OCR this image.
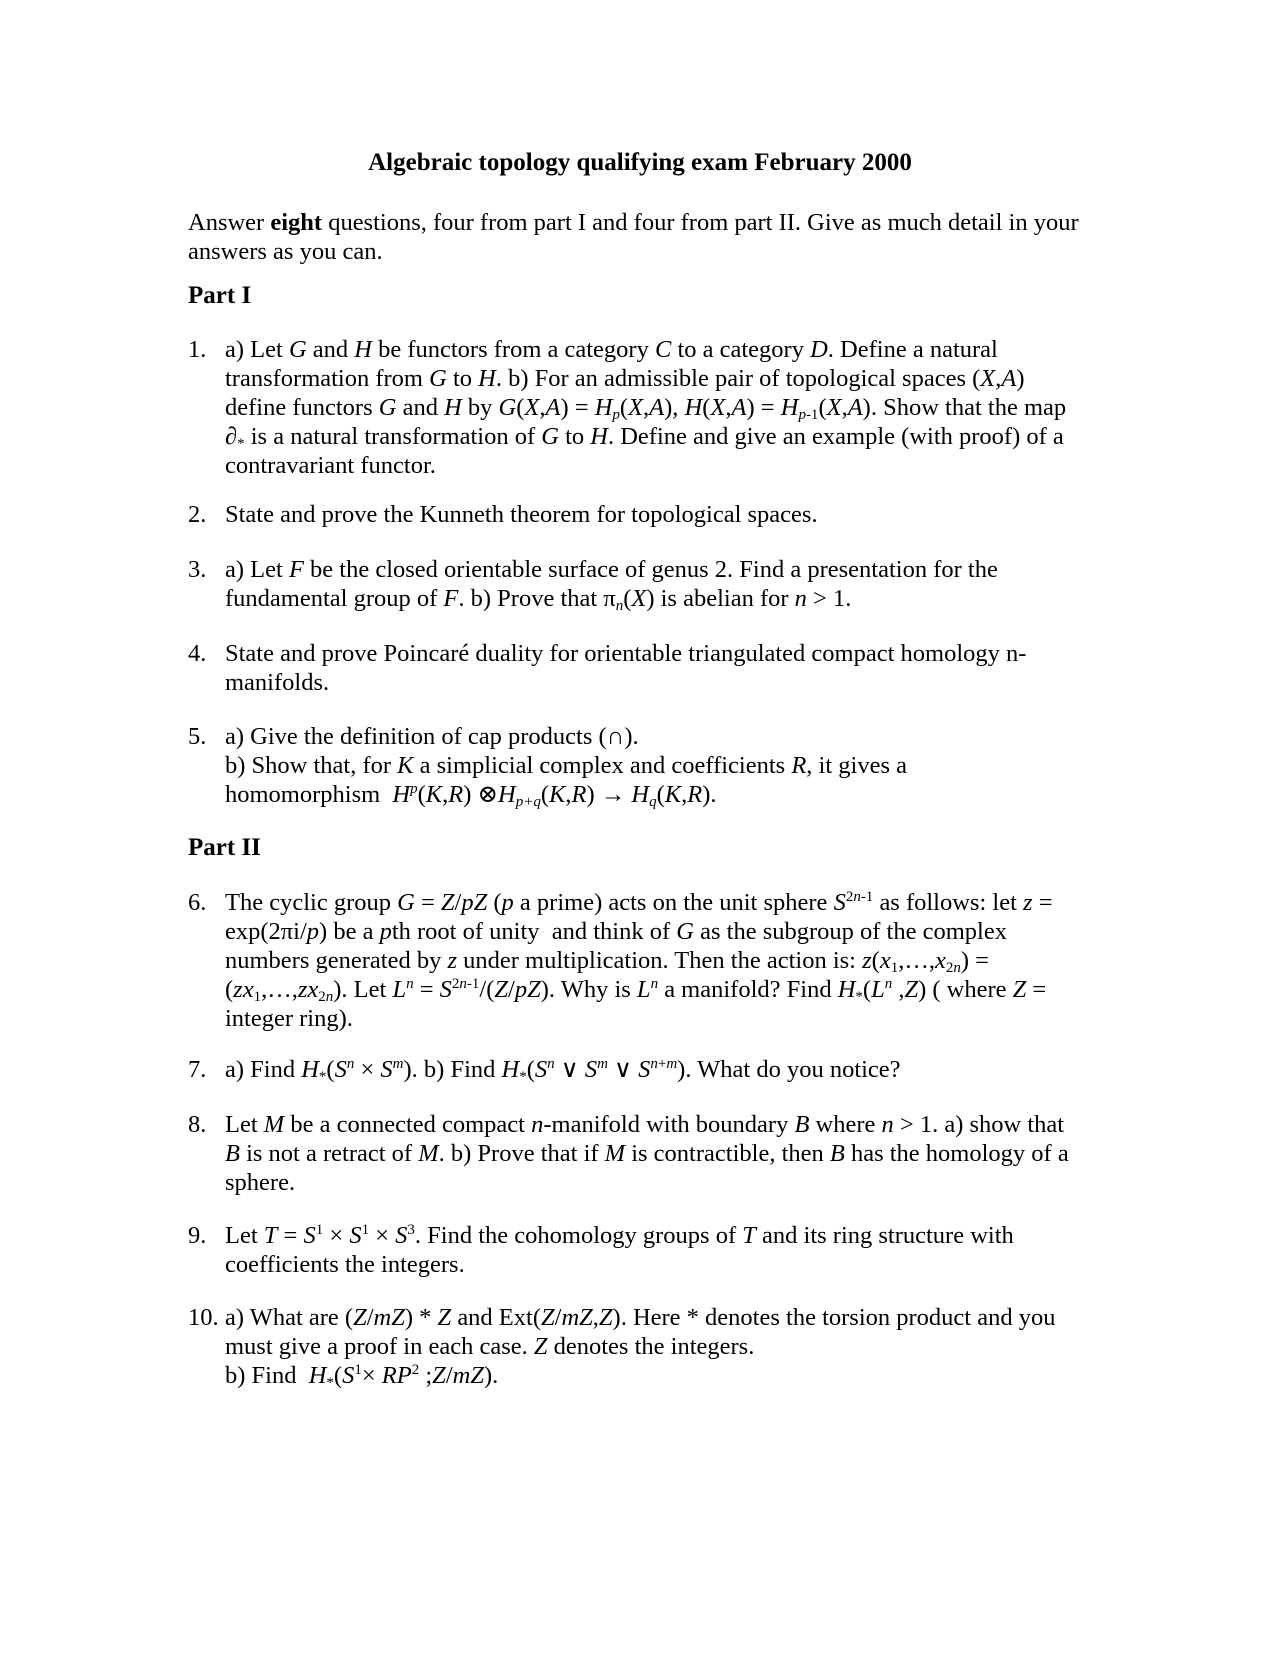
Algebraic topology qualifying exam February 2000
Answer eight questions, four from part I and four from part II. Give as much detail in your answers as you can.
Part I
1. a) Let G and H be functors from a category C to a category D. Define a natural
transformation from G to H. b) For an admissible pair of topological spaces (X,A)
define functors G and H by $G(X,A) = H_p(X,A)$, $H(X,A) = H_{p-1}(X,A)$. Show that the map
$\partial_*$ is a natural transformation of G to H. Define and give an example (with proof) of a
contravariant functor.
2. State and prove the Kunneth theorem for topological spaces.
3. a) Let F be the closed orientable surface of genus 2. Find a presentation for the
fundamental group of F. b) Prove that $\pi_n(X)$ is abelian for n > 1.
4. State and prove Poincaré duality for orientable triangulated compact homology n-manifolds.
5. a) Give the definition of cap products (∩).
b) Show that, for K a simplicial complex and coefficients R, it gives a
homomorphism  $H^p(K,R)$ $\otimes H_{p+q}(K,R) \to H_q(K,R)$.
Part II
6. The cyclic group G = Z/pZ (p a prime) acts on the unit sphere $S^{2n-1}$ as follows: let z =
exp(2πi/p) be a pth root of unity  and think of G as the subgroup of the complex
numbers generated by z under multiplication. Then the action is: $z(x_1,\dots,x_{2n})$ =
$(zx_1,\dots,zx_{2n})$. Let $L^n = S^{2n-1}/(Z/pZ)$. Why is $L^n$ a manifold? Find $H_*(L^n$ ,Z) ( where Z =
integer ring).
7. a) Find $H_*(S^n \times S^m)$. b) Find $H_*(S^n$ ∨ $S^m$ ∨ $S^{n+m}$). What do you notice?
8. Let M be a connected compact n-manifold with boundary B where n > 1. a) show that
B is not a retract of M. b) Prove that if M is contractible, then B has the homology of a
sphere.
9. Let $T = S^1 \times S^1 \times S^3$. Find the cohomology groups of T and its ring structure with
coefficients the integers.
10. a) What are (Z/mZ) * Z and Ext(Z/mZ,Z). Here * denotes the torsion product and you
must give a proof in each case. Z denotes the integers.
b) Find  $H_*(S^1\times RP^2$ ;Z/mZ).
